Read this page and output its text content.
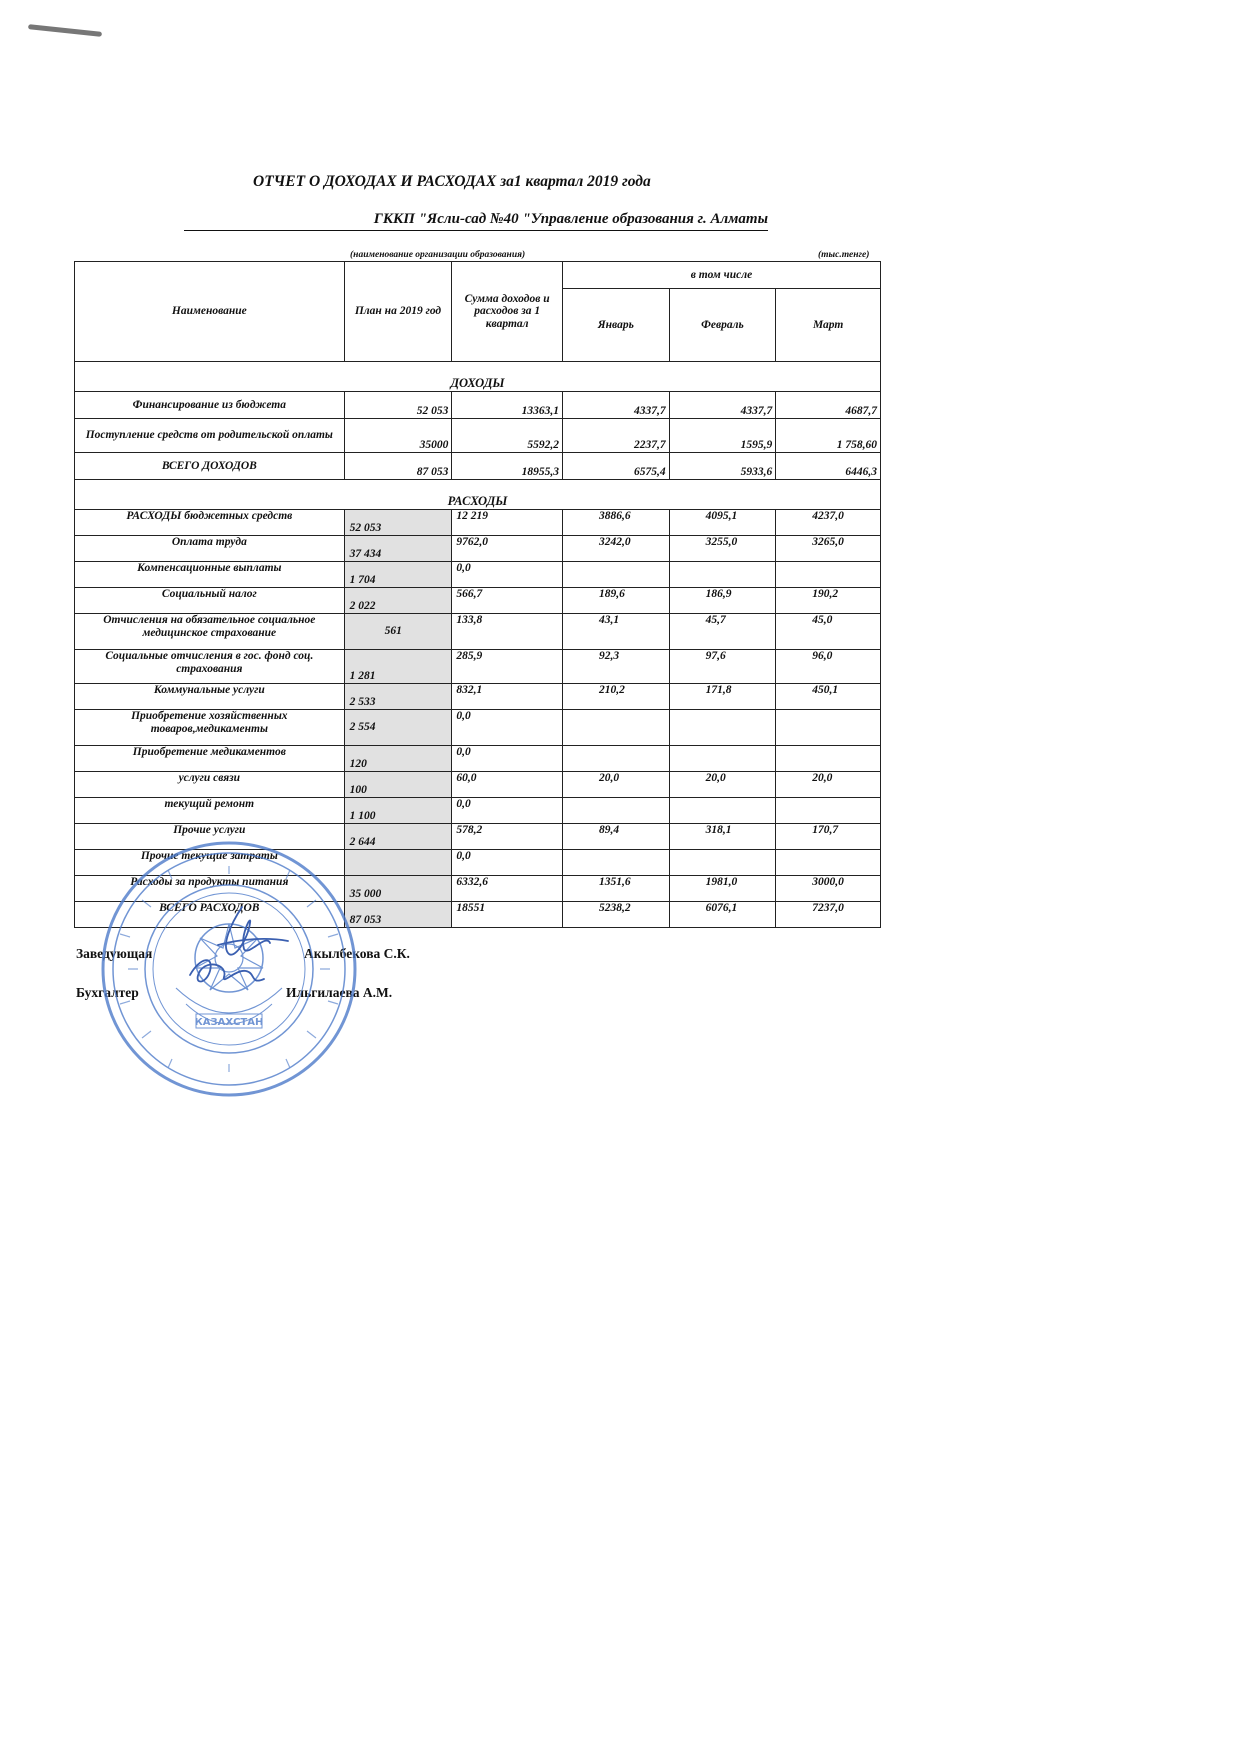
ОТЧЕТ О ДОХОДАХ И РАСХОДАХ за1 квартал 2019 года
ГККП "Ясли-сад №40 "Управление образования г. Алматы
(наименование организации образования)	(тыс.тенге)
Наименование	План на 2019 год	Сумма доходов и расходов за 1 квартал	в том числе		
			Январь	Февраль	Март
ДОХОДЫ					
Финансирование из бюджета	52 053	13363,1	4337,7	4337,7	4687,7
Поступление средств от родительской оплаты	35000	5592,2	2237,7	1595,9	1 758,60
ВСЕГО ДОХОДОВ	87 053	18955,3	6575,4	5933,6	6446,3
РАСХОДЫ					
РАСХОДЫ бюджетных средств	52 053	12 219	3886,6	4095,1	4237,0
Оплата труда	37 434	9762,0	3242,0	3255,0	3265,0
Компенсационные выплаты	1 704	0,0			
Социальный налог	2 022	566,7	189,6	186,9	190,2
Отчисления на обязательное социальное медицинское страхование	561	133,8	43,1	45,7	45,0
Социальные отчисления в гос. фонд соц. страхования	1 281	285,9	92,3	97,6	96,0
Коммунальные услуги	2 533	832,1	210,2	171,8	450,1
Приобретение хозяйственных товаров,медикаменты	2 554	0,0			
Приобретение медикаментов	120	0,0			
услуги связи	100	60,0	20,0	20,0	20,0
текущий ремонт	1 100	0,0			
Прочие услуги	2 644	578,2	89,4	318,1	170,7
Прочие текущие затраты		0,0			
Расходы за продукты питания	35 000	6332,6	1351,6	1981,0	3000,0
ВСЕГО РАСХОДОВ	87 053	18551	5238,2	6076,1	7237,0
Заведующая	Акылбекова С.К.
Бухгалтер	Ильгилаева А.М.
КАЗАХСТАН
